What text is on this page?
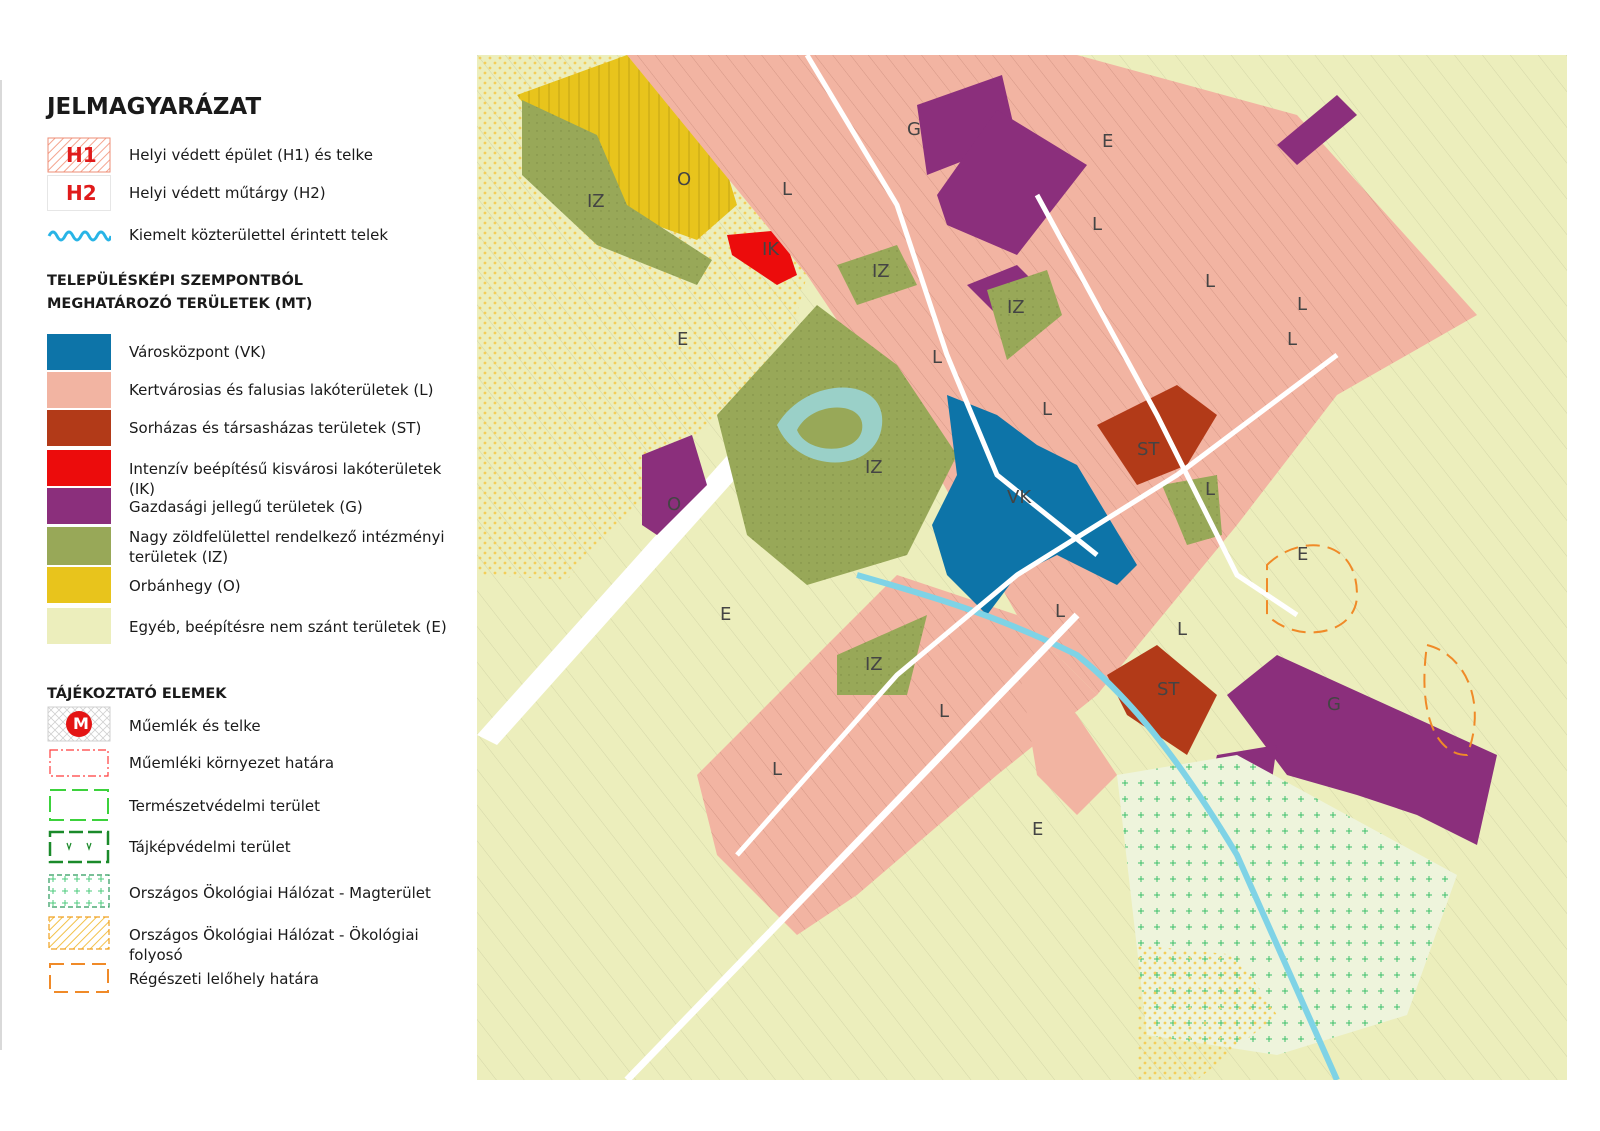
JELMAGYARÁZAT
H1 Helyi védett épület (H1) és telke
H2 Helyi védett műtárgy (H2)
Kiemelt közterülettel érintett telek
TELEPÜLÉSKÉPI SZEMPONTBÓL
MEGHATÁROZÓ TERÜLETEK (MT)
Városközpont (VK)
Kertvárosias és falusias lakóterületek (L)
Sorházas és társasházas területek (ST)
Intenzív beépítésű kisvárosi lakóterületek (IK)
Gazdasági jellegű területek (G)
Nagy zöldfelülettel rendelkező intézményi
területek (IZ)
Orbánhegy (O)
Egyéb, beépítésre nem szánt területek (E)
TÁJÉKOZTATÓ ELEMEK
M	Műemlék és telke
Műemléki környezet határa
Természetvédelmi terület
Tájképvédelmi terület
Országos Ökológiai Hálózat - Magterület
Országos Ökológiai Hálózat - Ökológiai folyosó
Régészeti lelőhely határa
O
IZ
E
IK
L
G
E
IZ
IZ
L
L
L
L
L
L
IZ
VK
ST
L
O
E
E
IZ
L
L
L
ST
G
E
L
